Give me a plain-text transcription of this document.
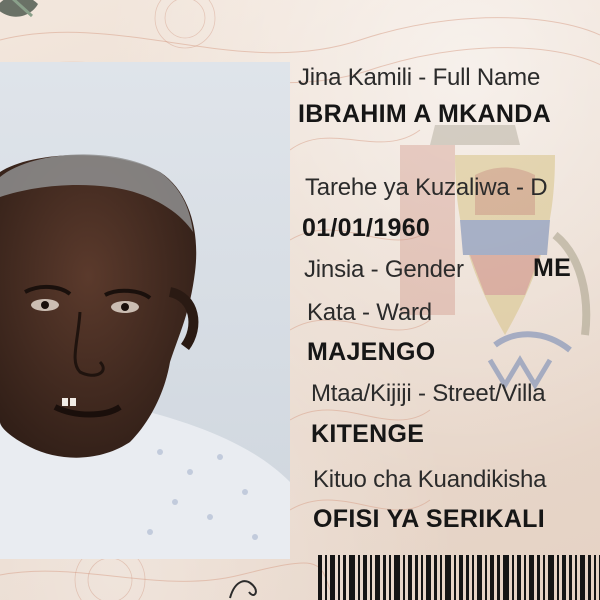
Jina Kamili - Full Name
IBRAHIM A MKANDA
Tarehe ya Kuzaliwa - D
01/01/1960
Jinsia - Gender	ME
Kata - Ward
MAJENGO
Mtaa/Kijiji - Street/Villa
KITENGE
Kituo cha Kuandikisha
OFISI YA SERIKALI
